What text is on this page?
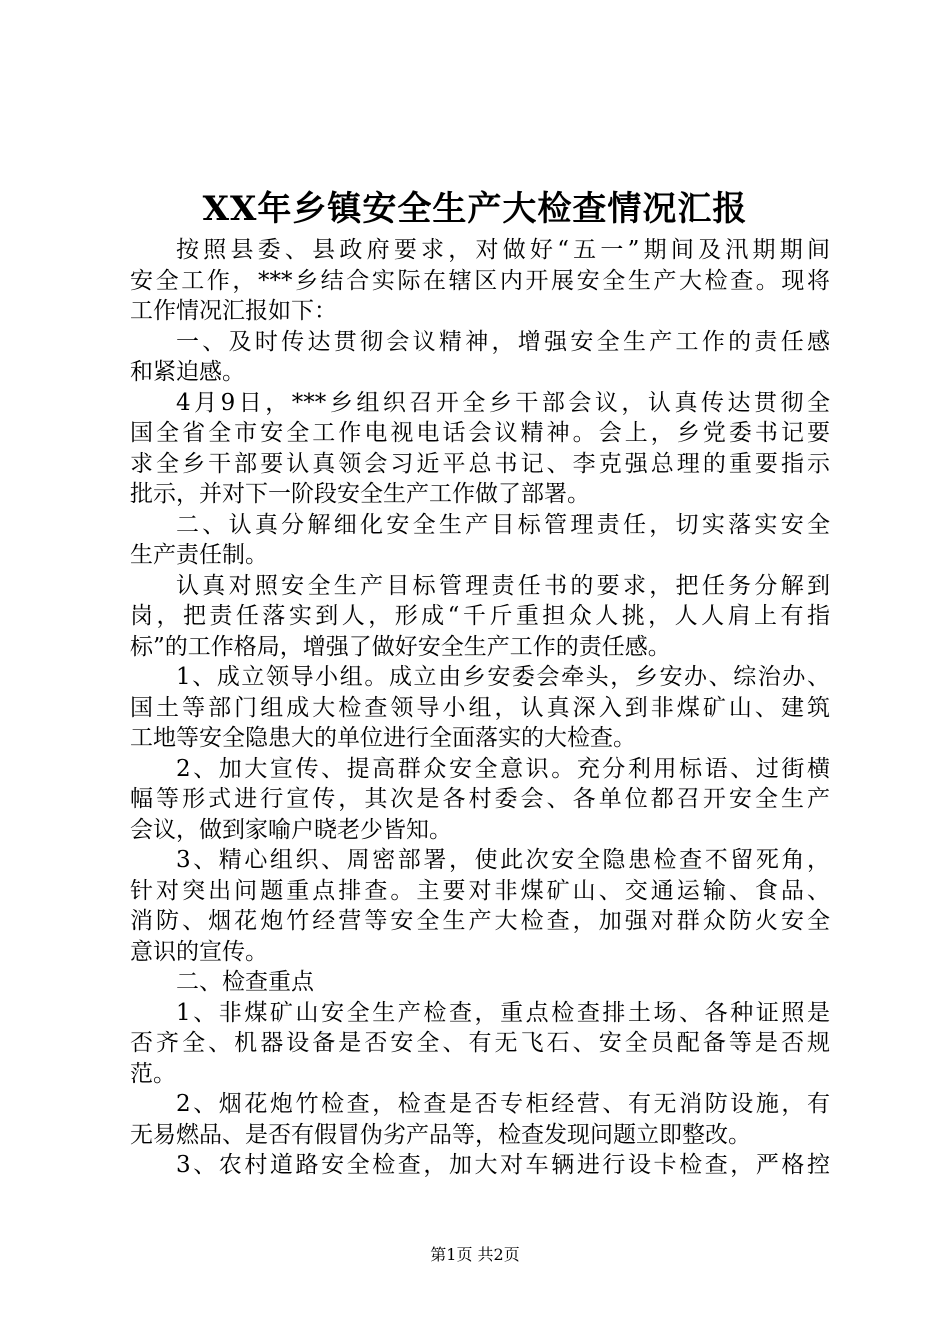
XX年乡镇安全生产大检查情况汇报
按照县委、县政府要求，对做好“五一”期间及汛期期间
安全工作，***乡结合实际在辖区内开展安全生产大检查。现将
工作情况汇报如下：
一、及时传达贯彻会议精神，增强安全生产工作的责任感
和紧迫感。
4月9日，***乡组织召开全乡干部会议，认真传达贯彻全
国全省全市安全工作电视电话会议精神。会上，乡党委书记要
求全乡干部要认真领会习近平总书记、李克强总理的重要指示
批示，并对下一阶段安全生产工作做了部署。
二、认真分解细化安全生产目标管理责任，切实落实安全
生产责任制。
认真对照安全生产目标管理责任书的要求，把任务分解到
岗，把责任落实到人，形成“千斤重担众人挑，人人肩上有指
标”的工作格局，增强了做好安全生产工作的责任感。
1、成立领导小组。成立由乡安委会牵头，乡安办、综治办、
国土等部门组成大检查领导小组，认真深入到非煤矿山、建筑
工地等安全隐患大的单位进行全面落实的大检查。
2、加大宣传、提高群众安全意识。充分利用标语、过街横
幅等形式进行宣传，其次是各村委会、各单位都召开安全生产
会议，做到家喻户晓老少皆知。
3、精心组织、周密部署，使此次安全隐患检查不留死角，
针对突出问题重点排查。主要对非煤矿山、交通运输、食品、
消防、烟花炮竹经营等安全生产大检查，加强对群众防火安全
意识的宣传。
二、检查重点
1、非煤矿山安全生产检查，重点检查排土场、各种证照是
否齐全、机器设备是否安全、有无飞石、安全员配备等是否规
范。
2、烟花炮竹检查，检查是否专柜经营、有无消防设施，有
无易燃品、是否有假冒伪劣产品等，检查发现问题立即整改。
3、农村道路安全检查，加大对车辆进行设卡检查，严格控
第1页 共2页
